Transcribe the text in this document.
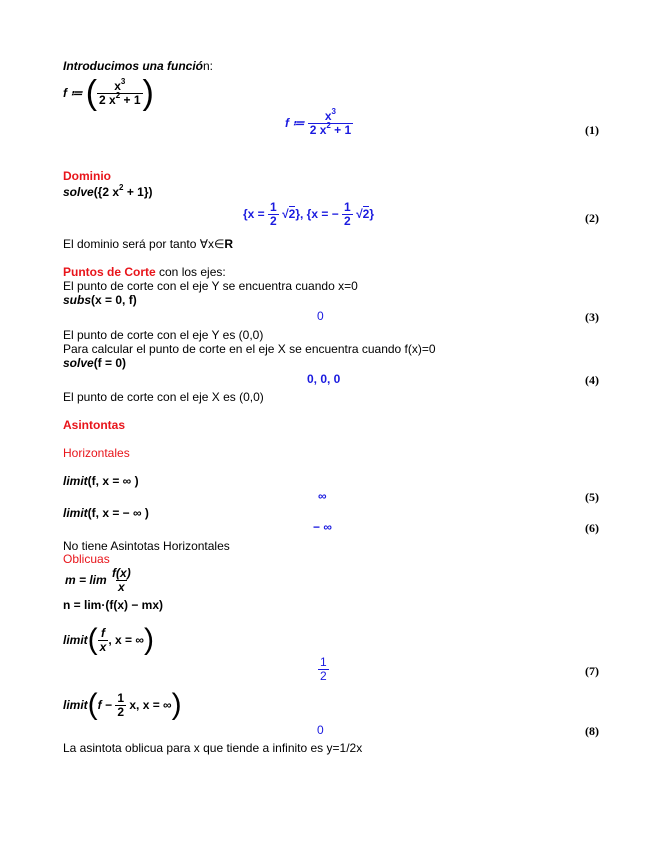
Introducimos una función:
f ≔ ( $\frac{x^3}{2 x^2 + 1}$ )
f ≔ $\frac{x^3}{2 x^2 + 1}$	(1)
Dominio
solve({2 $x^2 + 1$})
$\{x = \frac{1}{2} √2\}$, {x = − $\frac{1}{2} √2$}	(2)
El dominio será por tanto ∀x∈R
Puntos de Corte con los ejes:
El punto de corte con el eje Y se encuentra cuando x=0
subs(x = 0, f)
0	(3)
El punto de corte con el eje Y es (0,0)
Para calcular el punto de corte en el eje X se encuentra cuando f(x)=0
solve(f = 0)
0, 0, 0	(4)
El punto de corte con el eje X es (0,0)
Asintontas
Horizontales
limit(f, x = ∞ )
∞	(5)
limit(f, x = − ∞ )
− ∞	(6)
No tiene Asintotas Horizontales
Oblicuas
$m = \lim \frac{f(x)}{x}$
n = lim·(f(x) − mx)
limit( $\frac{f}{x}$ , x = ∞)
$\frac{1}{2}$	(7)
limit(f − $\frac{1}{2} x$, x = ∞)
0	(8)
La asintota oblicua para x que tiende a infinito es y=1/2x
